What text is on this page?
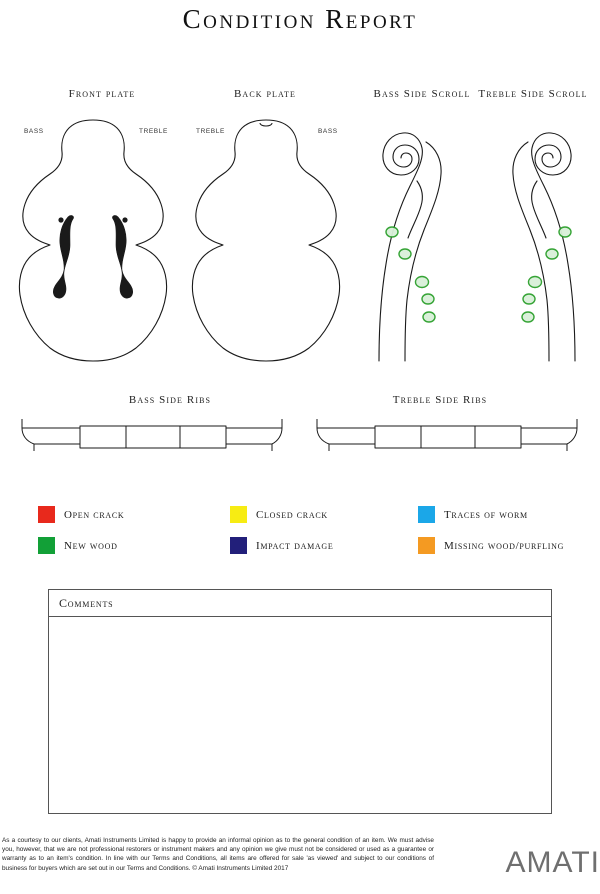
Condition Report
Front plate	Back plate	Bass Side Scroll Treble Side Scroll
BASS	TREBLE	TREBLE	BASS
Bass Side Ribs	Treble Side Ribs
Open crack	Closed crack	Traces of worm
New wood	Impact damage	Missing wood/purfling
Comments
As a courtesy to our clients, Amati Instruments Limited is happy to provide an informal opinion as to the general condition of an item. We must advise you, however, that we are not professional restorers or instrument makers and any opinion we give must not be considered or used as a guarantee or warranty as to an item's condition. In line with our Terms and Conditions, all items are offered for sale 'as viewed' and subject to our conditions of business for buyers which are set out in our Terms and Conditions. © Amati Instruments Limited 2017	AMATI
